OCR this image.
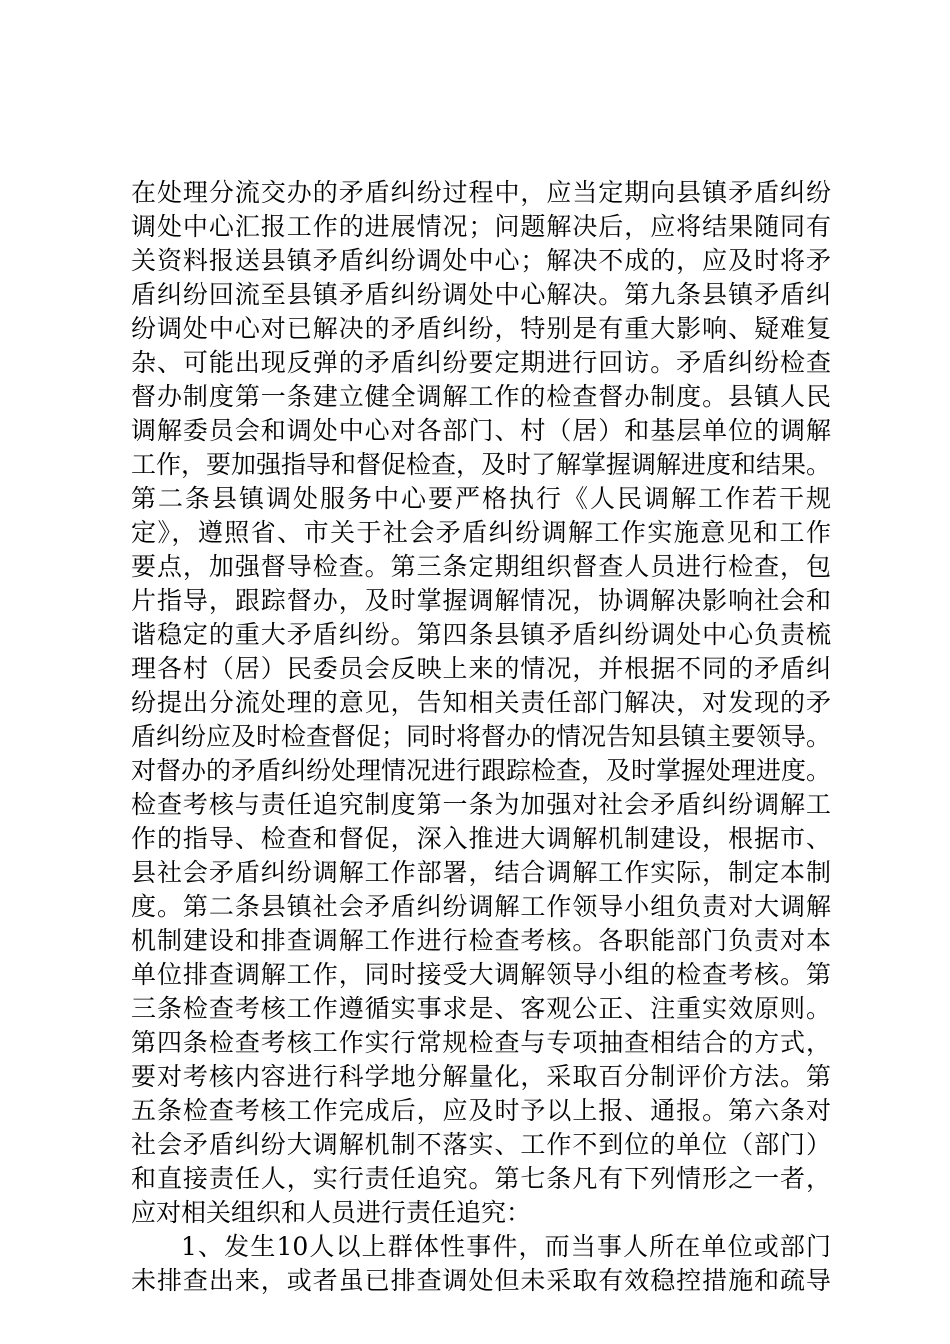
在处理分流交办的矛盾纠纷过程中，应当定期向县镇矛盾纠纷
调处中心汇报工作的进展情况；问题解决后，应将结果随同有
关资料报送县镇矛盾纠纷调处中心；解决不成的，应及时将矛
盾纠纷回流至县镇矛盾纠纷调处中心解决。第九条县镇矛盾纠
纷调处中心对已解决的矛盾纠纷，特别是有重大影响、疑难复
杂、可能出现反弹的矛盾纠纷要定期进行回访。矛盾纠纷检查
督办制度第一条建立健全调解工作的检查督办制度。县镇人民
调解委员会和调处中心对各部门、村（居）和基层单位的调解
工作，要加强指导和督促检查，及时了解掌握调解进度和结果。
第二条县镇调处服务中心要严格执行《人民调解工作若干规
定》，遵照省、市关于社会矛盾纠纷调解工作实施意见和工作
要点，加强督导检查。第三条定期组织督查人员进行检查，包
片指导，跟踪督办，及时掌握调解情况，协调解决影响社会和
谐稳定的重大矛盾纠纷。第四条县镇矛盾纠纷调处中心负责梳
理各村（居）民委员会反映上来的情况，并根据不同的矛盾纠
纷提出分流处理的意见，告知相关责任部门解决，对发现的矛
盾纠纷应及时检查督促；同时将督办的情况告知县镇主要领导。
对督办的矛盾纠纷处理情况进行跟踪检查，及时掌握处理进度。
检查考核与责任追究制度第一条为加强对社会矛盾纠纷调解工
作的指导、检查和督促，深入推进大调解机制建设，根据市、
县社会矛盾纠纷调解工作部署，结合调解工作实际，制定本制
度。第二条县镇社会矛盾纠纷调解工作领导小组负责对大调解
机制建设和排查调解工作进行检查考核。各职能部门负责对本
单位排查调解工作，同时接受大调解领导小组的检查考核。第
三条检查考核工作遵循实事求是、客观公正、注重实效原则。
第四条检查考核工作实行常规检查与专项抽查相结合的方式，
要对考核内容进行科学地分解量化，采取百分制评价方法。第
五条检查考核工作完成后，应及时予以上报、通报。第六条对
社会矛盾纠纷大调解机制不落实、工作不到位的单位（部门）
和直接责任人，实行责任追究。第七条凡有下列情形之一者，
应对相关组织和人员进行责任追究：
1、发生10人以上群体性事件，而当事人所在单位或部门
未排查出来，或者虽已排查调处但未采取有效稳控措施和疏导
